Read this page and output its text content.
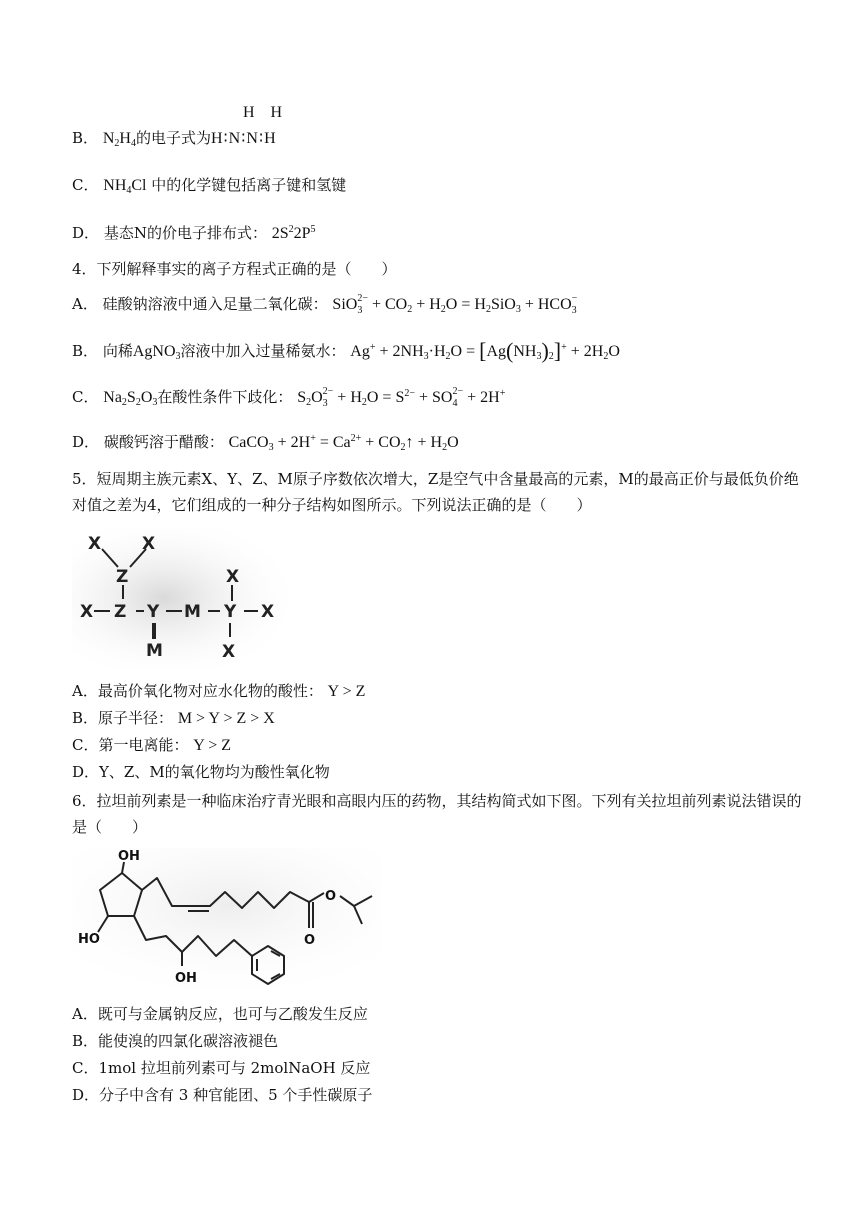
B． $N_2H_4$的电子式为H∶N∶N∶H
H H
C． $NH_4Cl$ 中的化学键包括离子键和氢键
D． 基态N的价电子排布式： $2S^22P^5$
4．下列解释事实的离子方程式正确的是（　　）
A． 硅酸钠溶液中通入足量二氧化碳： SiO 2−
$3 + CO_2 + H_2O = H_2SiO_3$ + HCO −
3
B． 向稀AgNO$_3$溶液中加入过量稀氨水： $Ag^+ + 2NH_3\cdot H_2O = [Ag(NH_3)_2]^+ + 2H_2O$
C． $Na_2S_2O_3$在酸性条件下歧化： $S_2O$ 2−
$3 + H_2O = S^{2-}$ + SO 2−
4 + 2H+
D． 碳酸钙溶于醋酸： CaCO$_3$ + $2H^+ = Ca^{2+}$ + $CO_2↑ + H_2O$
5．短周期主族元素X、Y、Z、M原子序数依次增大，Z是空气中含量最高的元素，M的最高正价与最低负价绝对值之差为4，它们组成的一种分子结构如图所示。下列说法正确的是（　　）
X X
Z
X Z Y M Y
X
X
M	X
A．最高价氧化物对应水化物的酸性： Y > Z
B．原子半径： M > Y > Z > X
C．第一电离能： Y > Z
D．Y、Z、M的氧化物均为酸性氧化物
6．拉坦前列素是一种临床治疗青光眼和高眼内压的药物，其结构简式如下图。下列有关拉坦前列素说法错误的是（　　）
OH
HO
O
O
OH
A．既可与金属钠反应，也可与乙酸发生反应
B．能使溴的四氯化碳溶液褪色
C．1mol 拉坦前列素可与 2molNaOH 反应
D．分子中含有 3 种官能团、5 个手性碳原子
